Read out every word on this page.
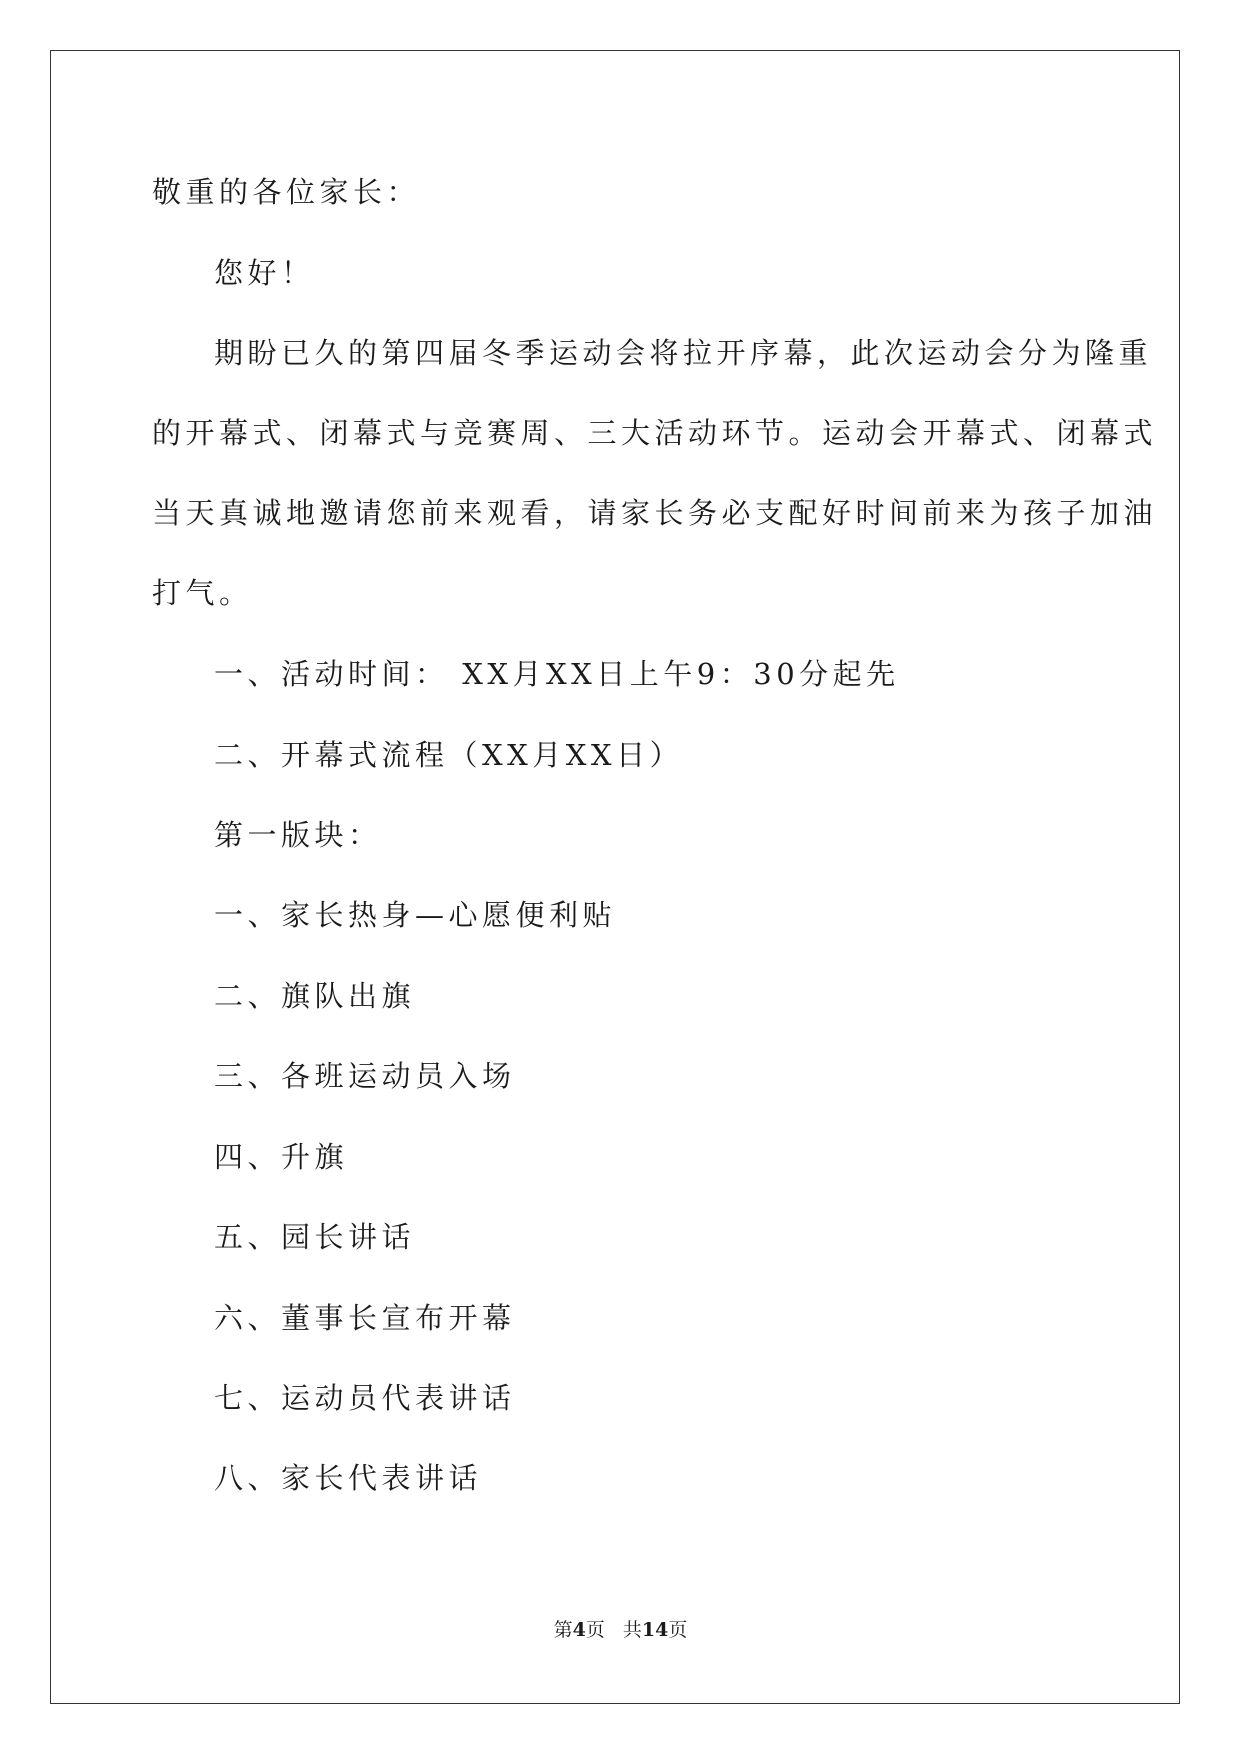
敬重的各位家长：
您好！
期盼已久的第四届冬季运动会将拉开序幕，此次运动会分为隆重
的开幕式、闭幕式与竞赛周、三大活动环节。运动会开幕式、闭幕式
当天真诚地邀请您前来观看，请家长务必支配好时间前来为孩子加油
打气。
一、活动时间： XX月XX日上午9：30分起先
二、开幕式流程（XX月XX日）
第一版块：
一、家长热身—心愿便利贴
二、旗队出旗
三、各班运动员入场
四、升旗
五、园长讲话
六、董事长宣布开幕
七、运动员代表讲话
八、家长代表讲话
第4页 共14页
